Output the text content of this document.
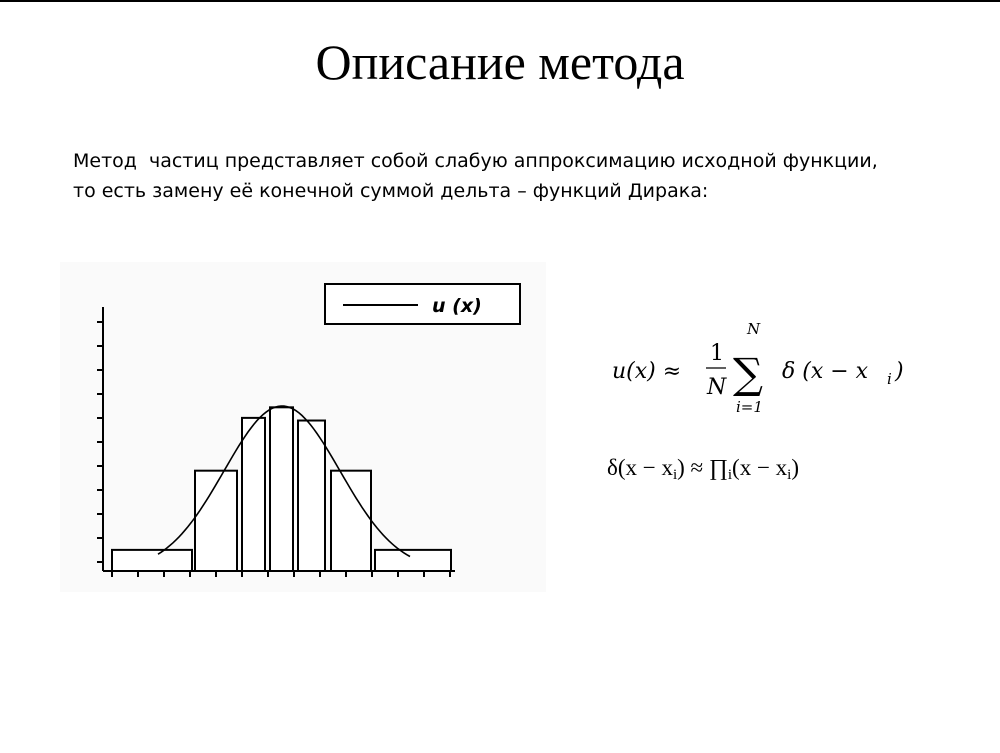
Описание метода
Метод  частиц представляет собой слабую аппроксимацию исходной функции,
то есть замену её конечной суммой дельта – функций Дирака:
u (x)
u(x) ≈
1
N
N
∑
i=1
δ (x − x i )
$\delta(x - x_i)$ ≈ $\prod_i(x - x_i)$
